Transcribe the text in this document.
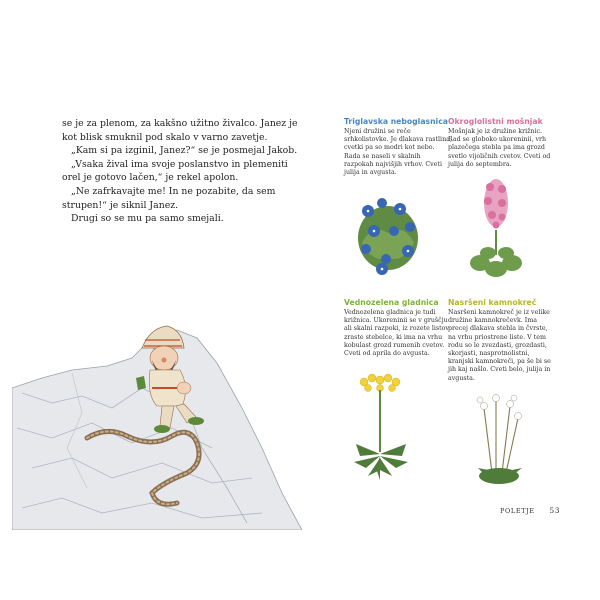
se je za plenom, za kakšno užitno živalco. Janez je kot blisk smuknil pod skalo v varno zavetje.

„Kam si pa izginil, Janez?“ se je posmejal Jakob.

„Vsaka žival ima svoje poslanstvo in plemeniti orel je gotovo lačen,“ je rekel apolon.

„Ne zafrkavajte me! In ne pozabite, da sem strupen!“ je siknil Janez.

Drugi so se mu pa samo smejali.

Triglavska neboglasnica

Njeni družini se reče srhkolistovke. Je dlakava rastlina, cvetki pa so modri kot nebo. Rada se naseli v skalnih razpokah najvišjih vrhov. Cveti julija in avgusta.

Okroglolistni mošnjak

Mošnjak je iz družine križnic. Rad se globoko ukoreninii, vrh plazečega stebla pa ima grozd svetlo vijoličnih cvetov. Cveti od julija do septembra.

Vednozelena gladnica

Vednozelena gladnica je tudi križnica. Ukoreninii se v gruščju ali skalni razpoki, iz rozete listov zraste stebelce, ki ima na vrhu kobulast grozd rumenih cvetov. Cveti od aprila do avgusta.

Nasršeni kamnokreč

Nasršeni kamnokreč je iz velike družine kamnokrečevk. Ima precej dlakava stebla in čvrste, na vrhu priostrene liste. V tem rodu so le zvezdasti, grozdasti, skorjasti, nasprotnolistni, kranjski kamnokreči, pa še bi se jih kaj našlo. Cveti belo, julija in avgusta.

POLETJE 53
